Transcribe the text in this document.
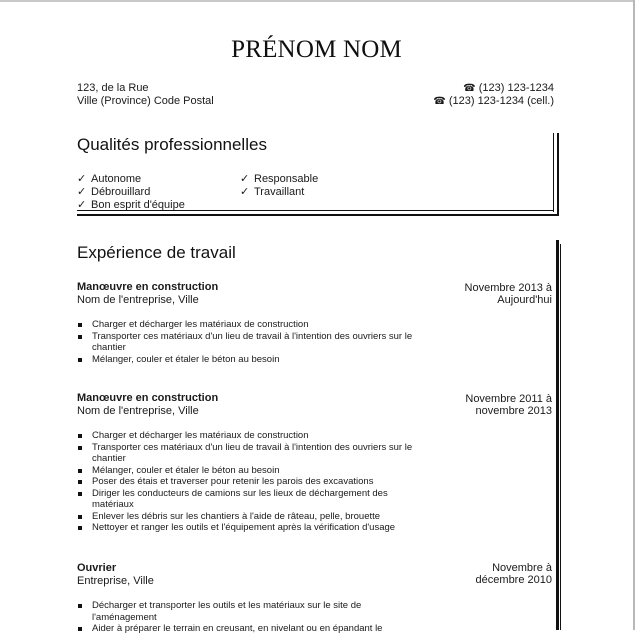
PRÉNOM NOM
123, de la Rue
Ville (Province) Code Postal
☎ (123) 123-1234
☎ (123) 123-1234 (cell.)
Qualités professionnelles
✓ Autonome
✓ Débrouillard
✓ Bon esprit d'équipe
✓ Responsable
✓ Travaillant
Expérience de travail
Manœuvre en construction
Nom de l'entreprise, Ville
Novembre 2013 à
Aujourd'hui
Charger et décharger les matériaux de construction
Transporter ces matériaux d'un lieu de travail à l'intention des ouvriers sur le chantier
Mélanger, couler et étaler le béton au besoin
Manœuvre en construction
Nom de l'entreprise, Ville
Novembre 2011 à
novembre 2013
Charger et décharger les matériaux de construction
Transporter ces matériaux d'un lieu de travail à l'intention des ouvriers sur le chantier
Mélanger, couler et étaler le béton au besoin
Poser des étais et traverser pour retenir les parois des excavations
Diriger les conducteurs de camions sur les lieux de déchargement des matériaux
Enlever les débris sur les chantiers à l'aide de râteau, pelle, brouette
Nettoyer et ranger les outils et l'équipement après la vérification d'usage
Ouvrier
Entreprise, Ville
Novembre à
décembre 2010
Décharger et transporter les outils et les matériaux sur le site de l'aménagement
Aider à préparer le terrain en creusant, en nivelant ou en épandant le
